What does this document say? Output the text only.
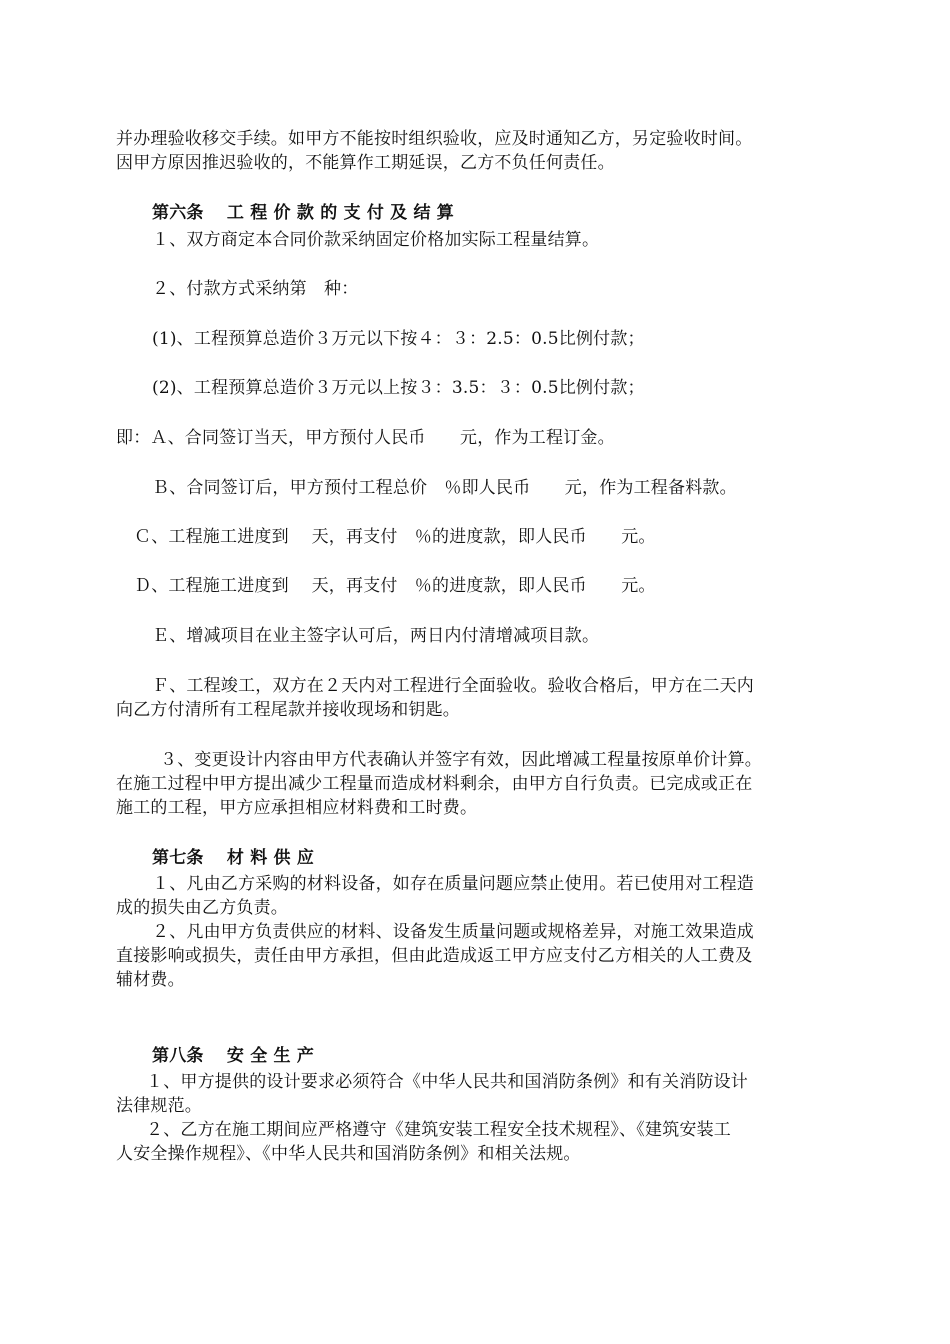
并办理验收移交手续。如甲方不能按时组织验收，应及时通知乙方，另定验收时间。
因甲方原因推迟验收的，不能算作工期延误，乙方不负任何责任。
第六条　 工 程 价 款 的 支 付 及 结 算
１、双方商定本合同价款采纳固定价格加实际工程量结算。
２、付款方式采纳第　种：
(1)、工程预算总造价３万元以下按４：３：2.5：0.5比例付款；
(2)、工程预算总造价３万元以上按３：3.5：３：0.5比例付款；
即：Ａ、合同签订当天，甲方预付人民币　　元，作为工程订金。
Ｂ、合同签订后，甲方预付工程总价　％即人民币　　元，作为工程备料款。
Ｃ、工程施工进度到　 天，再支付　％的进度款，即人民币　　元。
Ｄ、工程施工进度到　 天，再支付　％的进度款，即人民币　　元。
Ｅ、增减项目在业主签字认可后，两日内付清增减项目款。
Ｆ、工程竣工，双方在２天内对工程进行全面验收。验收合格后，甲方在二天内
向乙方付清所有工程尾款并接收现场和钥匙。
３、变更设计内容由甲方代表确认并签字有效，因此增减工程量按原单价计算。
在施工过程中甲方提出减少工程量而造成材料剩余，由甲方自行负责。已完成或正在
施工的工程，甲方应承担相应材料费和工时费。
第七条　 材 料 供 应
１、凡由乙方采购的材料设备，如存在质量问题应禁止使用。若已使用对工程造
成的损失由乙方负责。
２、凡由甲方负责供应的材料、设备发生质量问题或规格差异，对施工效果造成
直接影响或损失，责任由甲方承担，但由此造成返工甲方应支付乙方相关的人工费及
辅材费。
第八条　 安 全 生 产
１、甲方提供的设计要求必须符合《中华人民共和国消防条例》和有关消防设计
法律规范。
２、乙方在施工期间应严格遵守《建筑安装工程安全技术规程》、《建筑安装工
人安全操作规程》、《中华人民共和国消防条例》和相关法规。
